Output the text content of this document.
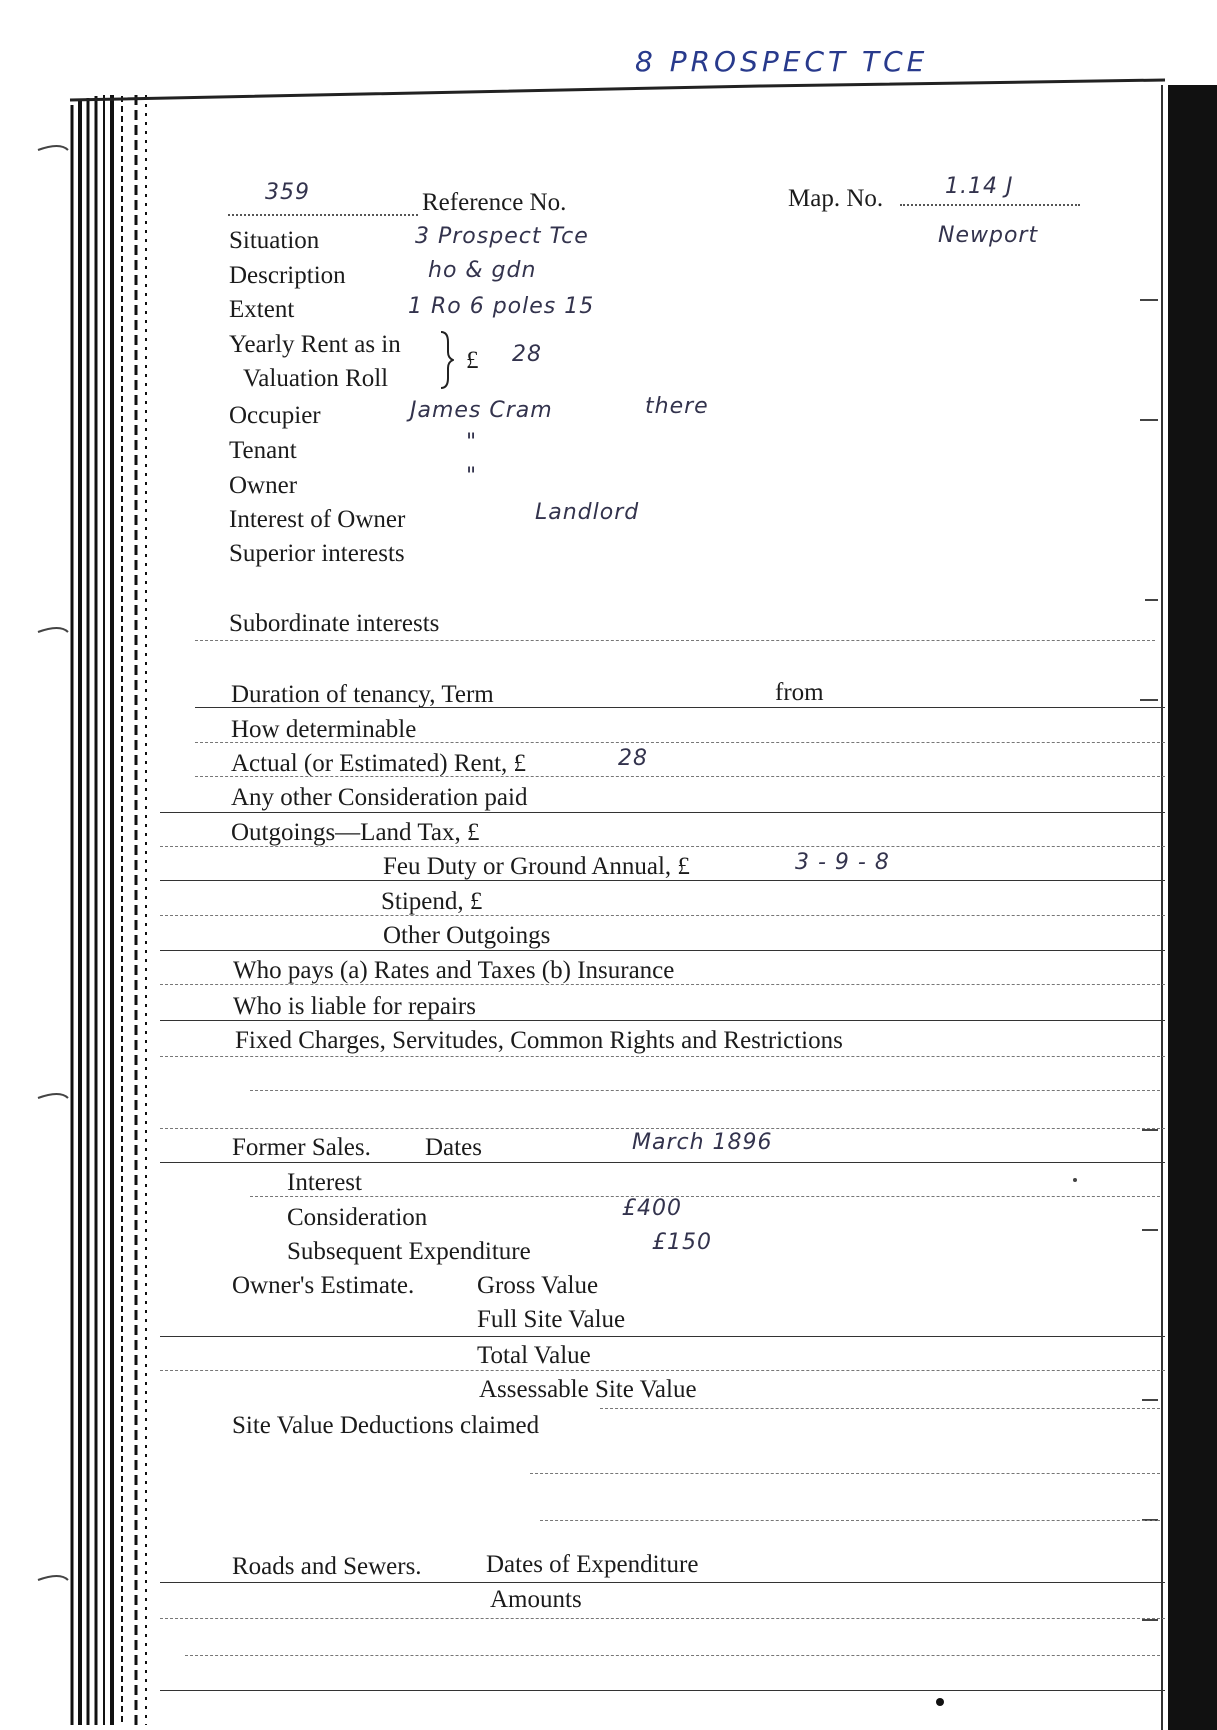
8 PROSPECT TCE
359	Reference No.	Map. No.	1.14 J
Newport
Situation	3 Prospect Tce
Description	ho & gdn
Extent	1 Ro 6 poles 15
Yearly Rent as in
Valuation Roll
£ 28
Occupier	James Cram	there
Tenant	"
Owner	"
Interest of Owner	Landlord
Superior interests
Subordinate interests
Duration of tenancy, Term	from
How determinable
Actual (or Estimated) Rent, £	28
Any other Consideration paid
Outgoings—Land Tax, £
Feu Duty or Ground Annual, £	3 - 9 - 8
Stipend, £
Other Outgoings
Who pays (a) Rates and Taxes (b) Insurance
Who is liable for repairs
Fixed Charges, Servitudes, Common Rights and Restrictions
Former Sales. Dates	March 1896
Interest
Consideration	£400
Subsequent Expenditure	£150
Owner's Estimate.	Gross Value
Full Site Value
Total Value
Assessable Site Value
Site Value Deductions claimed
Roads and Sewers.	Dates of Expenditure
Amounts
